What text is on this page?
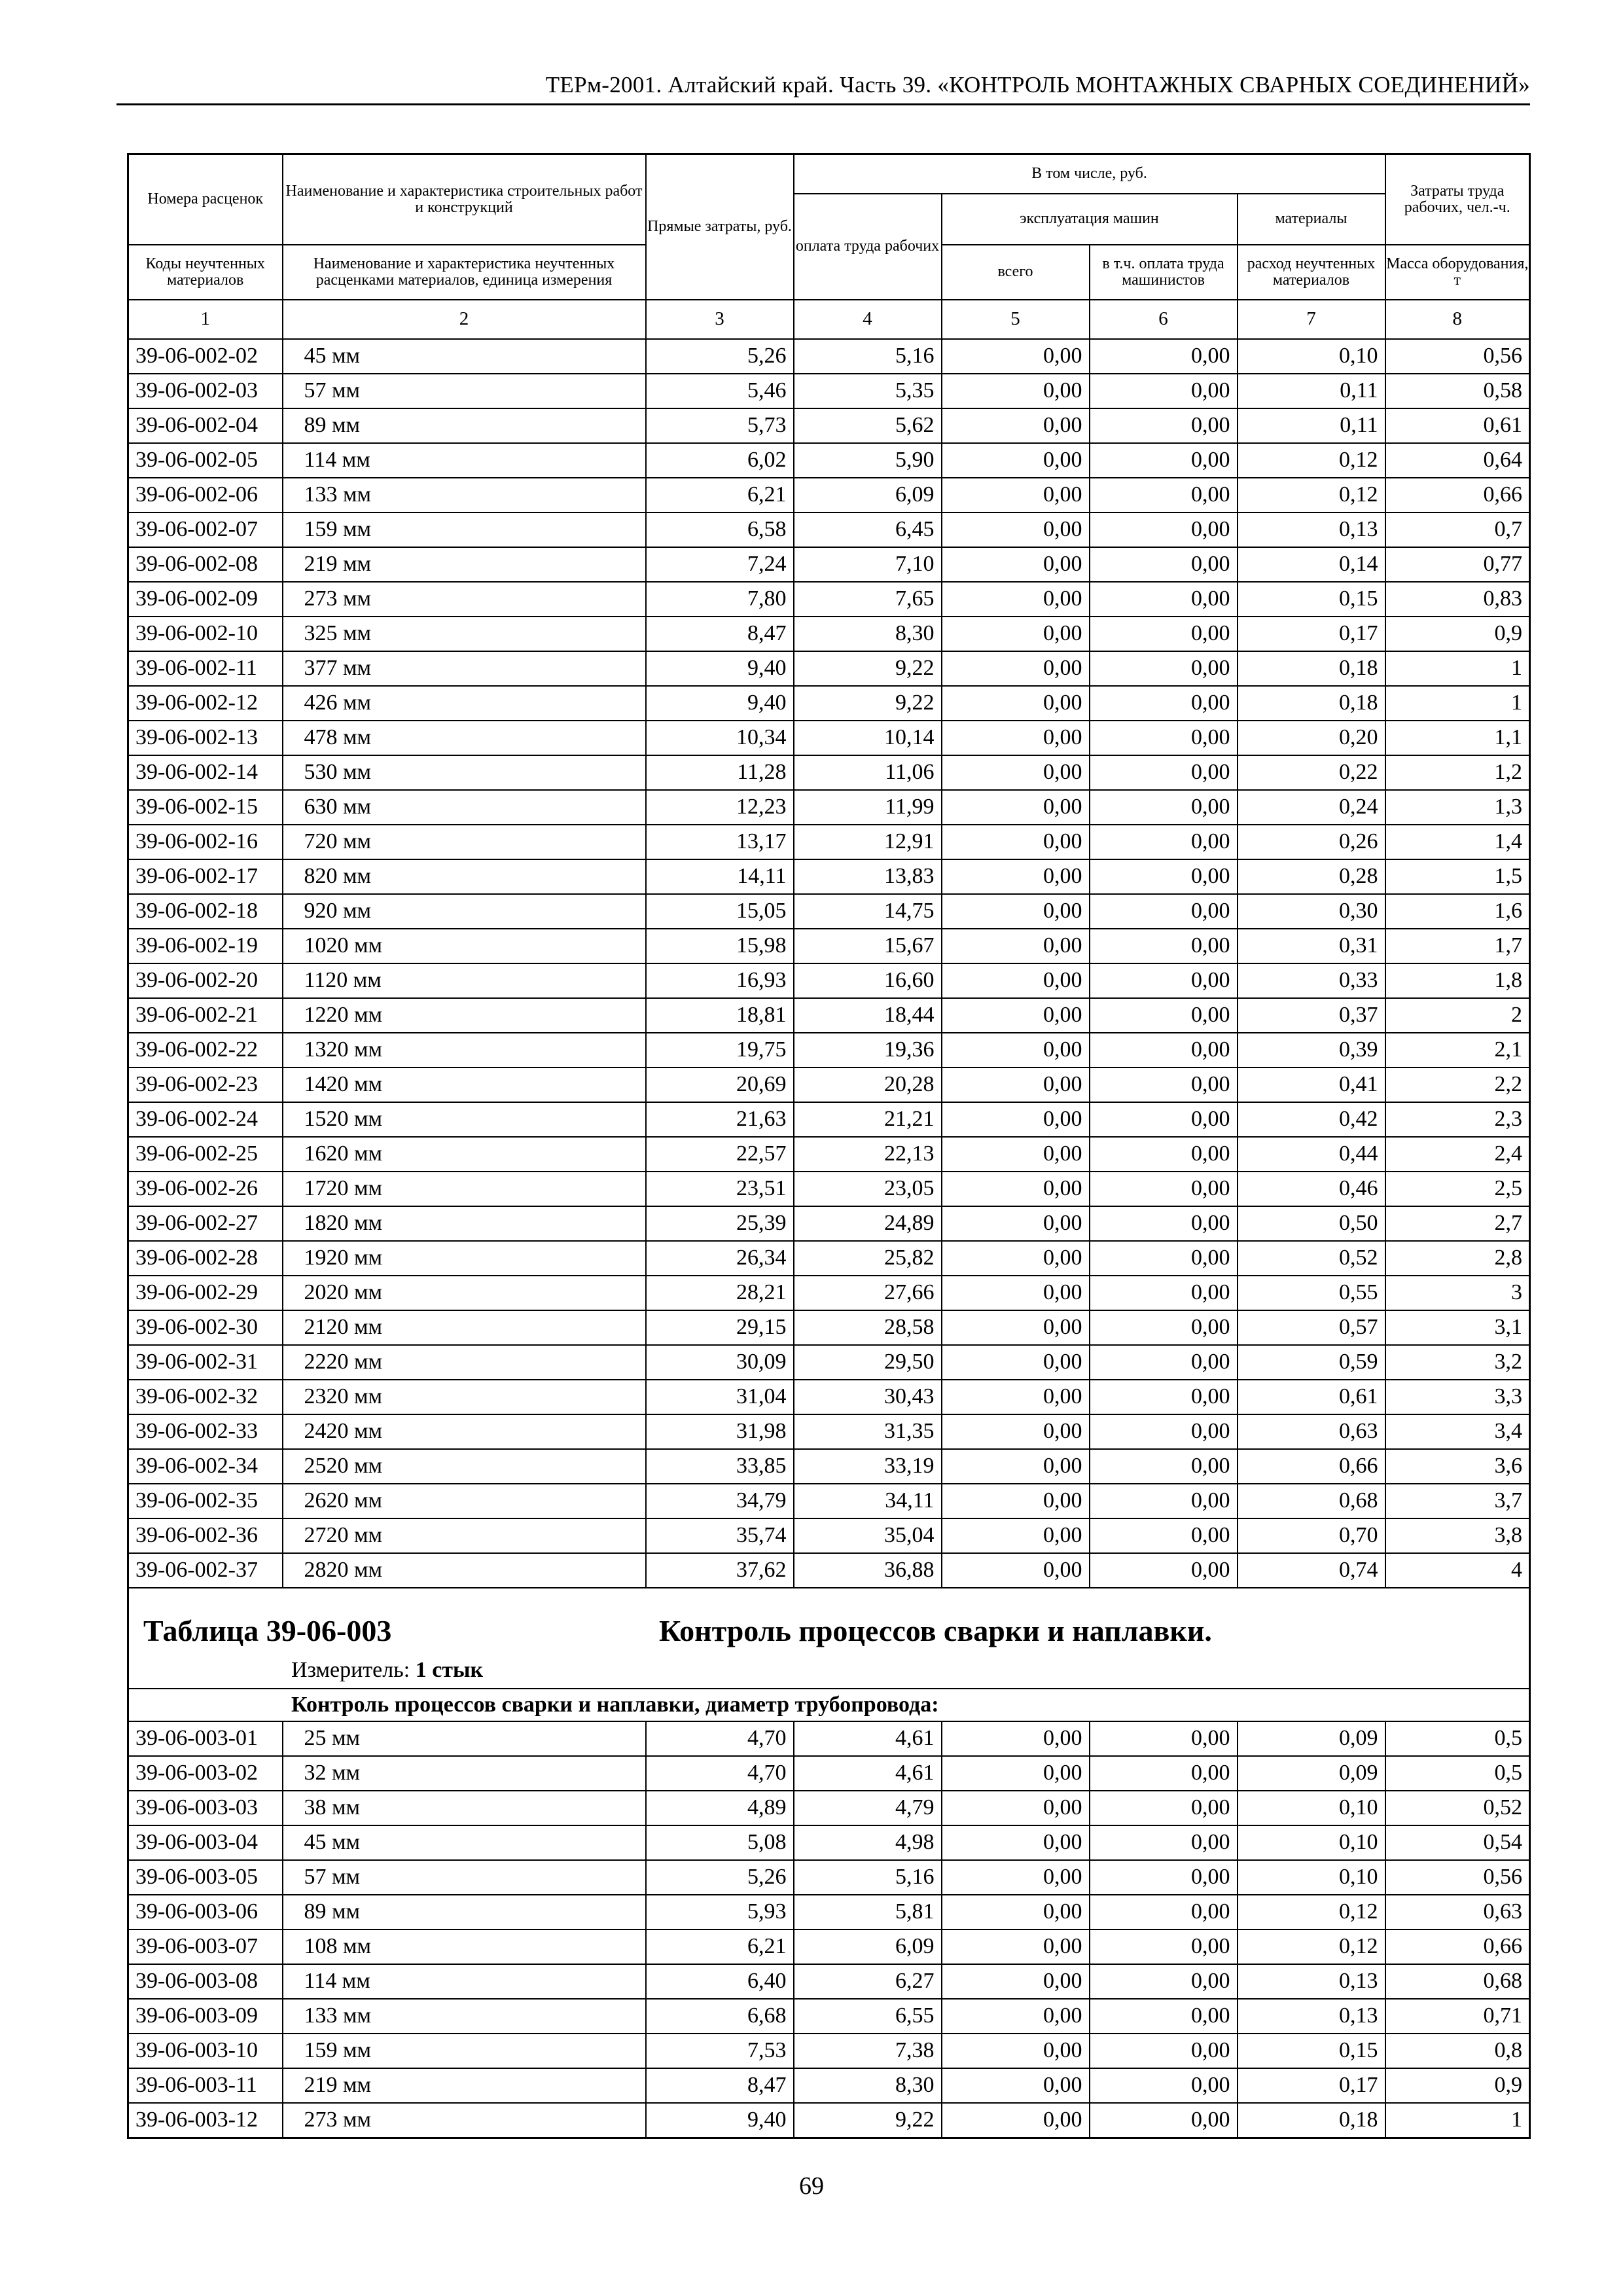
ТЕРм-2001. Алтайский край. Часть 39. «КОНТРОЛЬ МОНТАЖНЫХ СВАРНЫХ СОЕДИНЕНИЙ»
Номера расценок	Наименование и характеристика строительных работ и конструкций	Прямые затраты, руб.	В том числе, руб.				Затраты труда рабочих, чел.-ч.
			оплата труда рабочих	эксплуатация машин		материалы	
Коды неучтенных материалов	Наименование и характеристика неучтенных расценками материалов, единица измерения			всего	в т.ч. оплата труда машинистов	расход неучтенных материалов	Масса оборудования, т
1	2	3	4	5	6	7	8
39-06-002-02	45 мм	5,26	5,16	0,00	0,00	0,10	0,56
39-06-002-03	57 мм	5,46	5,35	0,00	0,00	0,11	0,58
39-06-002-04	89 мм	5,73	5,62	0,00	0,00	0,11	0,61
39-06-002-05	114 мм	6,02	5,90	0,00	0,00	0,12	0,64
39-06-002-06	133 мм	6,21	6,09	0,00	0,00	0,12	0,66
39-06-002-07	159 мм	6,58	6,45	0,00	0,00	0,13	0,7
39-06-002-08	219 мм	7,24	7,10	0,00	0,00	0,14	0,77
39-06-002-09	273 мм	7,80	7,65	0,00	0,00	0,15	0,83
39-06-002-10	325 мм	8,47	8,30	0,00	0,00	0,17	0,9
39-06-002-11	377 мм	9,40	9,22	0,00	0,00	0,18	1
39-06-002-12	426 мм	9,40	9,22	0,00	0,00	0,18	1
39-06-002-13	478 мм	10,34	10,14	0,00	0,00	0,20	1,1
39-06-002-14	530 мм	11,28	11,06	0,00	0,00	0,22	1,2
39-06-002-15	630 мм	12,23	11,99	0,00	0,00	0,24	1,3
39-06-002-16	720 мм	13,17	12,91	0,00	0,00	0,26	1,4
39-06-002-17	820 мм	14,11	13,83	0,00	0,00	0,28	1,5
39-06-002-18	920 мм	15,05	14,75	0,00	0,00	0,30	1,6
39-06-002-19	1020 мм	15,98	15,67	0,00	0,00	0,31	1,7
39-06-002-20	1120 мм	16,93	16,60	0,00	0,00	0,33	1,8
39-06-002-21	1220 мм	18,81	18,44	0,00	0,00	0,37	2
39-06-002-22	1320 мм	19,75	19,36	0,00	0,00	0,39	2,1
39-06-002-23	1420 мм	20,69	20,28	0,00	0,00	0,41	2,2
39-06-002-24	1520 мм	21,63	21,21	0,00	0,00	0,42	2,3
39-06-002-25	1620 мм	22,57	22,13	0,00	0,00	0,44	2,4
39-06-002-26	1720 мм	23,51	23,05	0,00	0,00	0,46	2,5
39-06-002-27	1820 мм	25,39	24,89	0,00	0,00	0,50	2,7
39-06-002-28	1920 мм	26,34	25,82	0,00	0,00	0,52	2,8
39-06-002-29	2020 мм	28,21	27,66	0,00	0,00	0,55	3
39-06-002-30	2120 мм	29,15	28,58	0,00	0,00	0,57	3,1
39-06-002-31	2220 мм	30,09	29,50	0,00	0,00	0,59	3,2
39-06-002-32	2320 мм	31,04	30,43	0,00	0,00	0,61	3,3
39-06-002-33	2420 мм	31,98	31,35	0,00	0,00	0,63	3,4
39-06-002-34	2520 мм	33,85	33,19	0,00	0,00	0,66	3,6
39-06-002-35	2620 мм	34,79	34,11	0,00	0,00	0,68	3,7
39-06-002-36	2720 мм	35,74	35,04	0,00	0,00	0,70	3,8
39-06-002-37	2820 мм	37,62	36,88	0,00	0,00	0,74	4

Таблица 39-06-003 Контроль процессов сварки и наплавки.
Измеритель: 1 стык							

Контроль процессов сварки и наплавки, диаметр трубопровода:							
39-06-003-01	25 мм	4,70	4,61	0,00	0,00	0,09	0,5
39-06-003-02	32 мм	4,70	4,61	0,00	0,00	0,09	0,5
39-06-003-03	38 мм	4,89	4,79	0,00	0,00	0,10	0,52
39-06-003-04	45 мм	5,08	4,98	0,00	0,00	0,10	0,54
39-06-003-05	57 мм	5,26	5,16	0,00	0,00	0,10	0,56
39-06-003-06	89 мм	5,93	5,81	0,00	0,00	0,12	0,63
39-06-003-07	108 мм	6,21	6,09	0,00	0,00	0,12	0,66
39-06-003-08	114 мм	6,40	6,27	0,00	0,00	0,13	0,68
39-06-003-09	133 мм	6,68	6,55	0,00	0,00	0,13	0,71
39-06-003-10	159 мм	7,53	7,38	0,00	0,00	0,15	0,8
39-06-003-11	219 мм	8,47	8,30	0,00	0,00	0,17	0,9
39-06-003-12	273 мм	9,40	9,22	0,00	0,00	0,18	1
69
